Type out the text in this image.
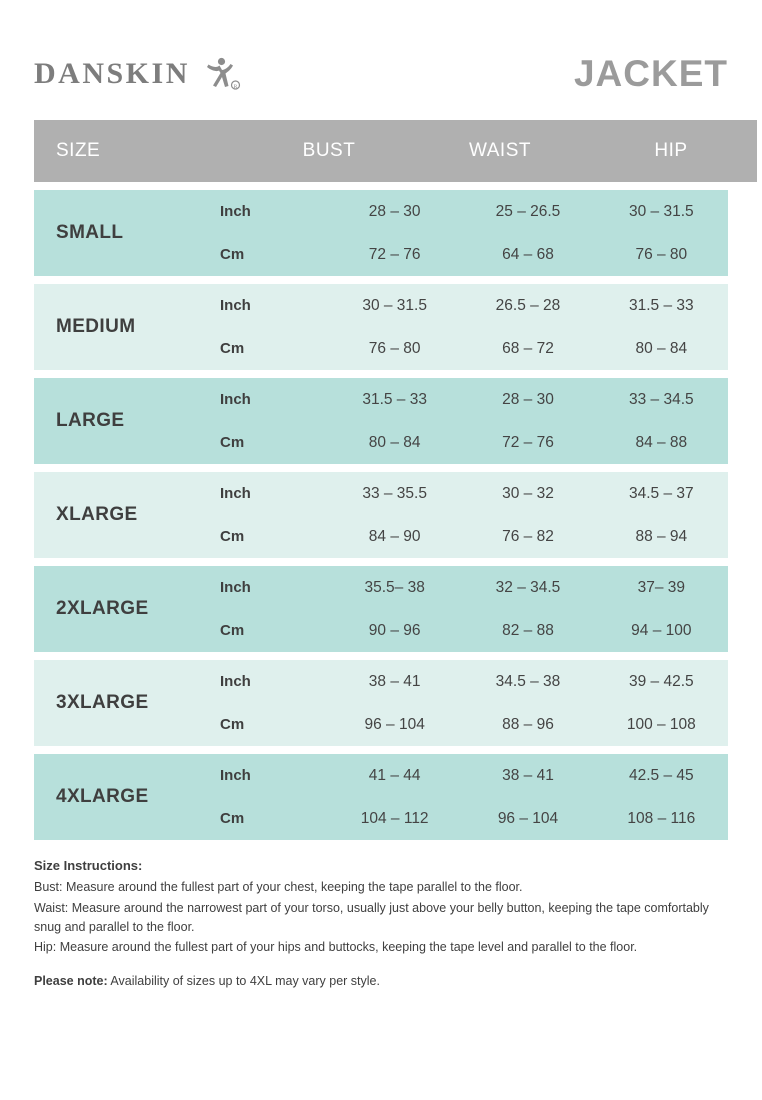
DANSKIN	R	JACKET
SIZE	BUST	WAIST	HIP
SMALL
Inch	28 – 30	25 – 26.5	30 – 31.5
Cm	72 – 76	64 – 68	76 – 80
MEDIUM
Inch	30 – 31.5	26.5 – 28	31.5 – 33
Cm	76 – 80	68 – 72	80 – 84
LARGE
Inch	31.5 – 33	28 – 30	33 – 34.5
Cm	80 – 84	72 – 76	84 – 88
XLARGE
Inch	33 – 35.5	30 – 32	34.5 – 37
Cm	84 – 90	76 – 82	88 – 94
2XLARGE
Inch	35.5– 38	32 – 34.5	37– 39
Cm	90 – 96	82 – 88	94 – 100
3XLARGE
Inch	38 – 41	34.5 – 38	39 – 42.5
Cm	96 – 104	88 – 96	100 – 108
4XLARGE
Inch	41 – 44	38 – 41	42.5 – 45
Cm	104 – 112	96 – 104	108 – 116
Size Instructions:

Bust: Measure around the fullest part of your chest, keeping the tape parallel to the floor.

Waist: Measure around the narrowest part of your torso, usually just above your belly button, keeping the tape comfortably snug and parallel to the floor.

Hip: Measure around the fullest part of your hips and buttocks, keeping the tape level and parallel to the floor.

Please note: Availability of sizes up to 4XL may vary per style.
